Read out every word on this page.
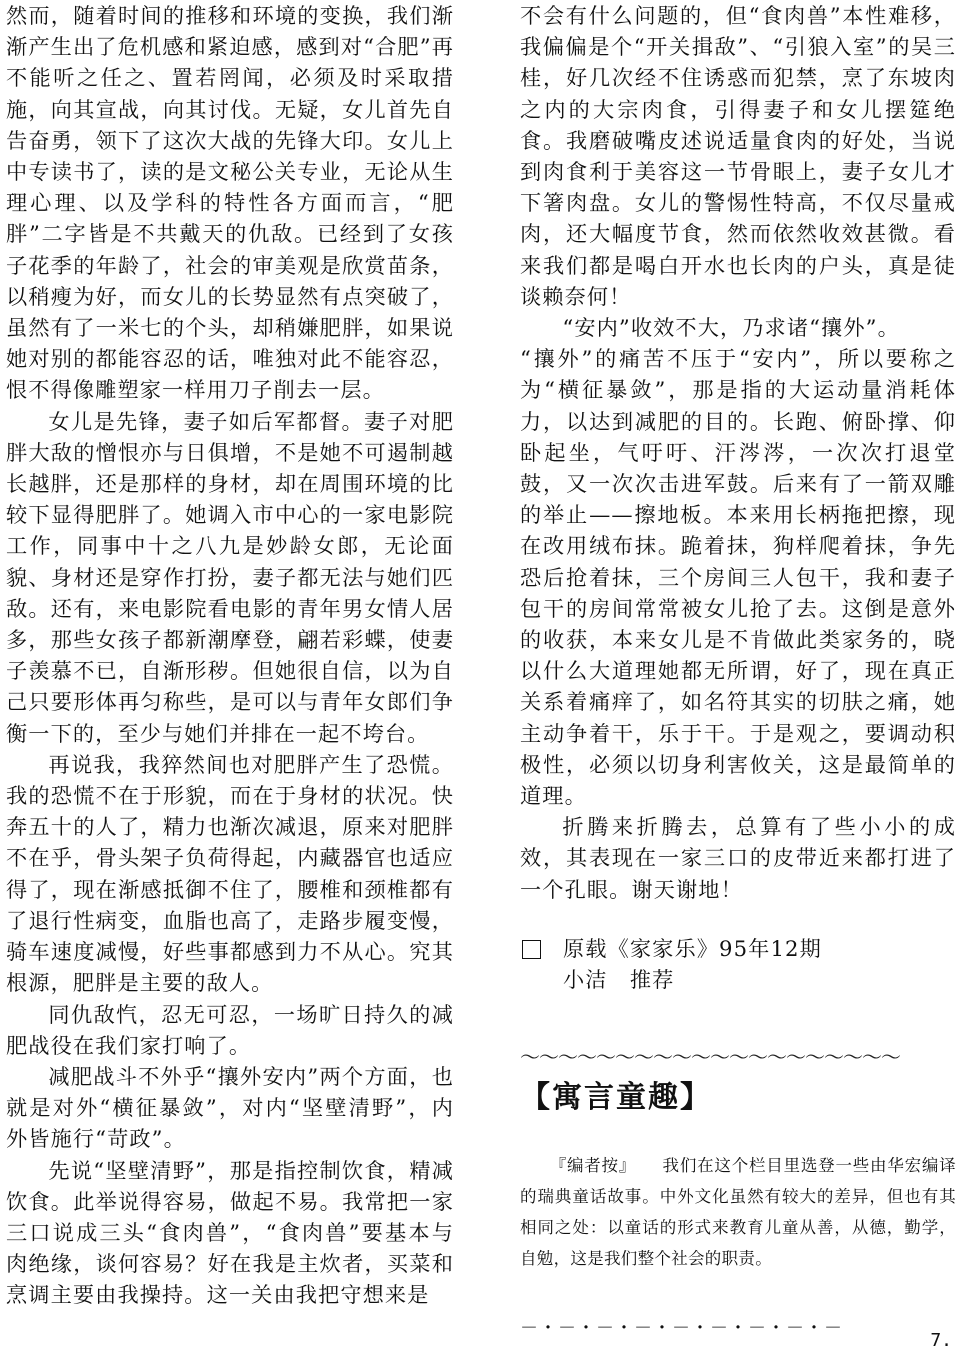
然而，随着时间的推移和环境的变换，我们渐渐产生出了危机感和紧迫感，感到对“合肥”再不能听之任之、置若罔闻，必须及时采取措施，向其宣战，向其讨伐。无疑，女儿首先自告奋勇，领下了这次大战的先锋大印。女儿上中专读书了，读的是文秘公关专业，无论从生理心理、以及学科的特性各方面而言，“肥胖”二字皆是不共戴天的仇敌。已经到了女孩子花季的年龄了，社会的审美观是欣赏苗条，以稍瘦为好，而女儿的长势显然有点突破了，虽然有了一米七的个头，却稍嫌肥胖，如果说她对别的都能容忍的话，唯独对此不能容忍，恨不得像雕塑家一样用刀子削去一层。

女儿是先锋，妻子如后军都督。妻子对肥胖大敌的憎恨亦与日俱增，不是她不可遏制越长越胖，还是那样的身材，却在周围环境的比较下显得肥胖了。她调入市中心的一家电影院工作，同事中十之八九是妙龄女郎，无论面貌、身材还是穿作打扮，妻子都无法与她们匹敌。还有，来电影院看电影的青年男女情人居多，那些女孩子都新潮摩登，翩若彩蝶，使妻子羡慕不已，自渐形秽。但她很自信，以为自己只要形体再匀称些，是可以与青年女郎们争衡一下的，至少与她们并排在一起不垮台。

再说我，我猝然间也对肥胖产生了恐慌。我的恐慌不在于形貌，而在于身材的状况。快奔五十的人了，精力也渐次减退，原来对肥胖不在乎，骨头架子负荷得起，内藏器官也适应得了，现在渐感抵御不住了，腰椎和颈椎都有了退行性病变，血脂也高了，走路步履变慢，骑车速度减慢，好些事都感到力不从心。究其根源，肥胖是主要的敌人。

同仇敌忾，忍无可忍，一场旷日持久的减肥战役在我们家打响了。

减肥战斗不外乎“攘外安内”两个方面，也就是对外“横征暴敛”，对内“坚壁清野”，内外皆施行“苛政”。

先说“坚壁清野”，那是指控制饮食，精减饮食。此举说得容易，做起不易。我常把一家三口说成三头“食肉兽”，“食肉兽”要基本与肉绝缘，谈何容易？好在我是主炊者，买菜和烹调主要由我操持。这一关由我把守想来是

不会有什么问题的，但“食肉兽”本性难移，我偏偏是个“开关揖敌”、“引狼入室”的吴三桂，好几次经不住诱惑而犯禁，烹了东坡肉之内的大宗肉食，引得妻子和女儿摆筵绝食。我磨破嘴皮述说适量食肉的好处，当说到肉食利于美容这一节骨眼上，妻子女儿才下箸肉盘。女儿的警惕性特高，不仅尽量戒肉，还大幅度节食，然而依然收效甚微。看来我们都是喝白开水也长肉的户头，真是徒谈赖奈何！

“安内”收效不大，乃求诸“攘外”。

“攘外”的痛苦不压于“安内”，所以要称之为“横征暴敛”，那是指的大运动量消耗体力，以达到减肥的目的。长跑、俯卧撑、仰卧起坐，气吁吁、汗涔涔，一次次打退堂鼓，又一次次击进军鼓。后来有了一箭双雕的举止——擦地板。本来用长柄拖把擦，现在改用绒布抹。跪着抹，狗样爬着抹，争先恐后抢着抹，三个房间三人包干，我和妻子包干的房间常常被女儿抢了去。这倒是意外的收获，本来女儿是不肯做此类家务的，晓以什么大道理她都无所谓，好了，现在真正关系着痛痒了，如名符其实的切肤之痛，她主动争着干，乐于干。于是观之，要调动积极性，必须以切身利害攸关，这是最简单的道理。

折腾来折腾去，总算有了些小小的成效，其表现在一家三口的皮带近来都打进了一个孔眼。谢天谢地！

原载《家家乐》95年12期
小洁　推荐
～～～～～～～～～～～～～～～～～～～～
【寓言童趣】
『编者按』 我们在这个栏目里选登一些由华宏编译的瑞典童话故事。中外文化虽然有较大的差异，但也有其相同之处：以童话的形式来教育儿童从善，从德，勤学，自勉，这是我们整个社会的职责。
－・－・－・－・－・－・－・－・－
7.
